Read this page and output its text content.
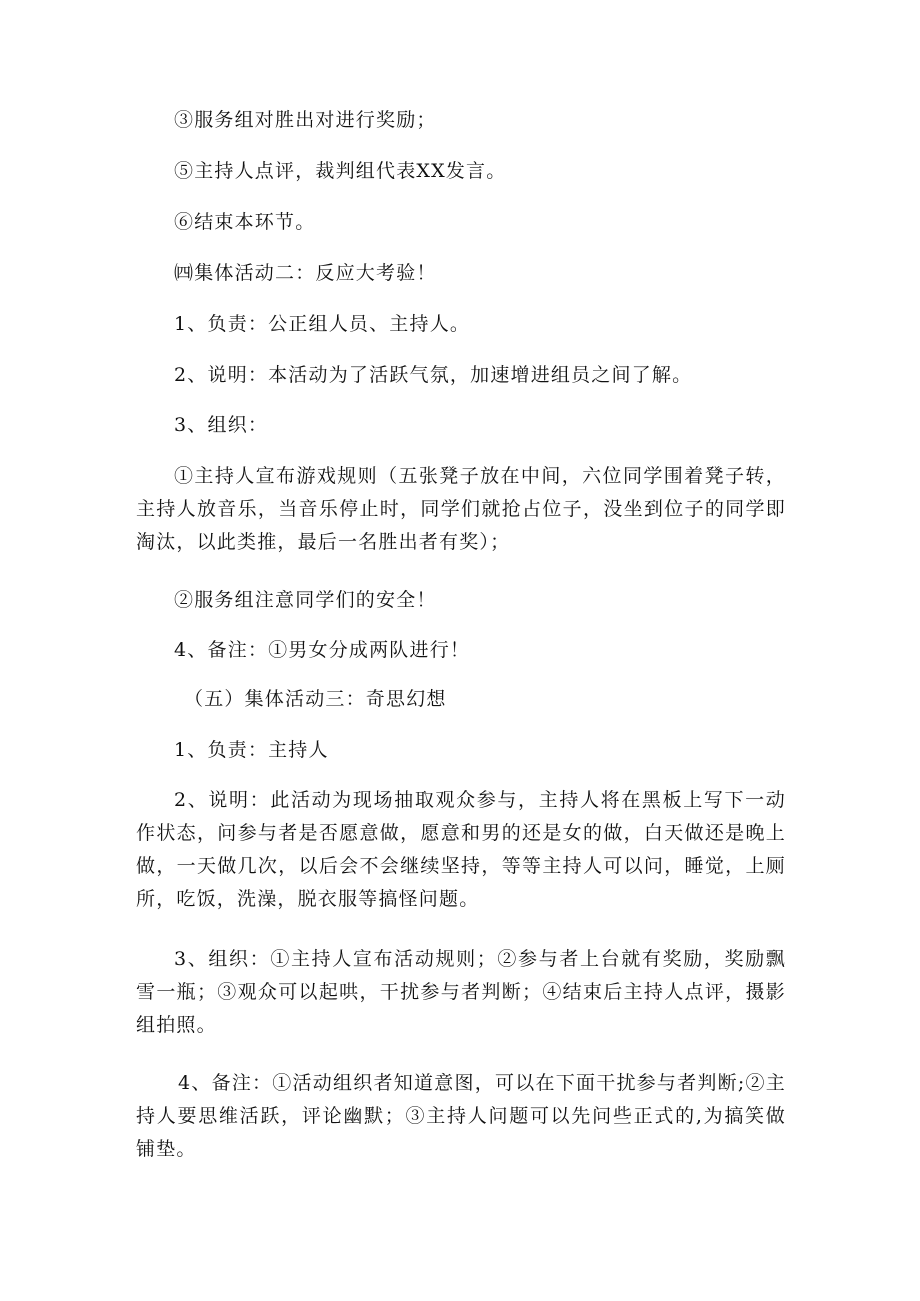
③服务组对胜出对进行奖励；

⑤主持人点评，裁判组代表XX发言。

⑥结束本环节。

㈣集体活动二：反应大考验！

1、负责：公正组人员、主持人。

2、说明：本活动为了活跃气氛，加速增进组员之间了解。

3、组织：

①主持人宣布游戏规则（五张凳子放在中间，六位同学围着凳子转，主持人放音乐，当音乐停止时，同学们就抢占位子，没坐到位子的同学即淘汰，以此类推，最后一名胜出者有奖）；

②服务组注意同学们的安全！

4、备注：①男女分成两队进行！

（五）集体活动三：奇思幻想

1、负责：主持人

2、说明：此活动为现场抽取观众参与，主持人将在黑板上写下一动作状态，问参与者是否愿意做，愿意和男的还是女的做，白天做还是晚上做，一天做几次，以后会不会继续坚持，等等主持人可以问，睡觉，上厕所，吃饭，洗澡，脱衣服等搞怪问题。

3、组织：①主持人宣布活动规则；②参与者上台就有奖励，奖励飘雪一瓶；③观众可以起哄，干扰参与者判断；④结束后主持人点评，摄影组拍照。

4、备注：①活动组织者知道意图，可以在下面干扰参与者判断;②主持人要思维活跃，评论幽默；③主持人问题可以先问些正式的,为搞笑做铺垫。
